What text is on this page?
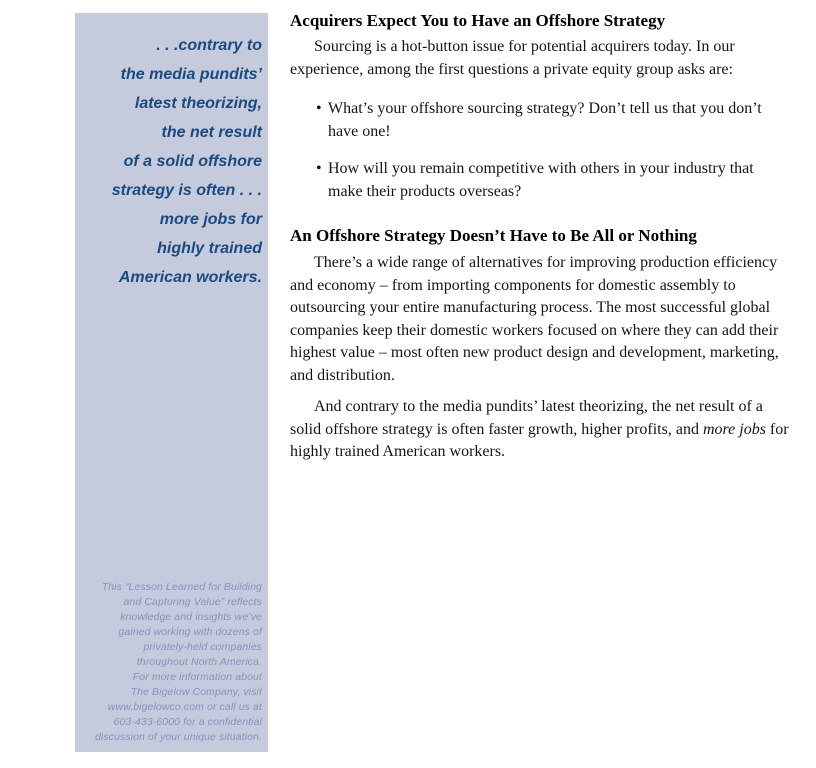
. . .contrary to
the media pundits’
latest theorizing,
the net result
of a solid offshore
strategy is often . . .
more jobs for
highly trained
American workers.
This “Lesson Learned for Building
and Capturing Value” reflects
knowledge and insights we’ve
gained working with dozens of
privately-held companies
throughout North America.
For more information about
The Bigelow Company, visit
www.bigelowco.com or call us at
603-433-6000 for a confidential
discussion of your unique situation.
Acquirers Expect You to Have an Offshore Strategy

Sourcing is a hot-button issue for potential acquirers today. In our experience, among the first questions a private equity group asks are:

• What’s your offshore sourcing strategy? Don’t tell us that you don’t have one!
• How will you remain competitive with others in your industry that make their products overseas?
An Offshore Strategy Doesn’t Have to Be All or Nothing

There’s a wide range of alternatives for improving production efficiency and economy – from importing components for domestic assembly to outsourcing your entire manufacturing process. The most successful global companies keep their domestic workers focused on where they can add their highest value – most often new product design and development, marketing, and distribution.

And contrary to the media pundits’ latest theorizing, the net result of a solid offshore strategy is often faster growth, higher profits, and more jobs for highly trained American workers.
